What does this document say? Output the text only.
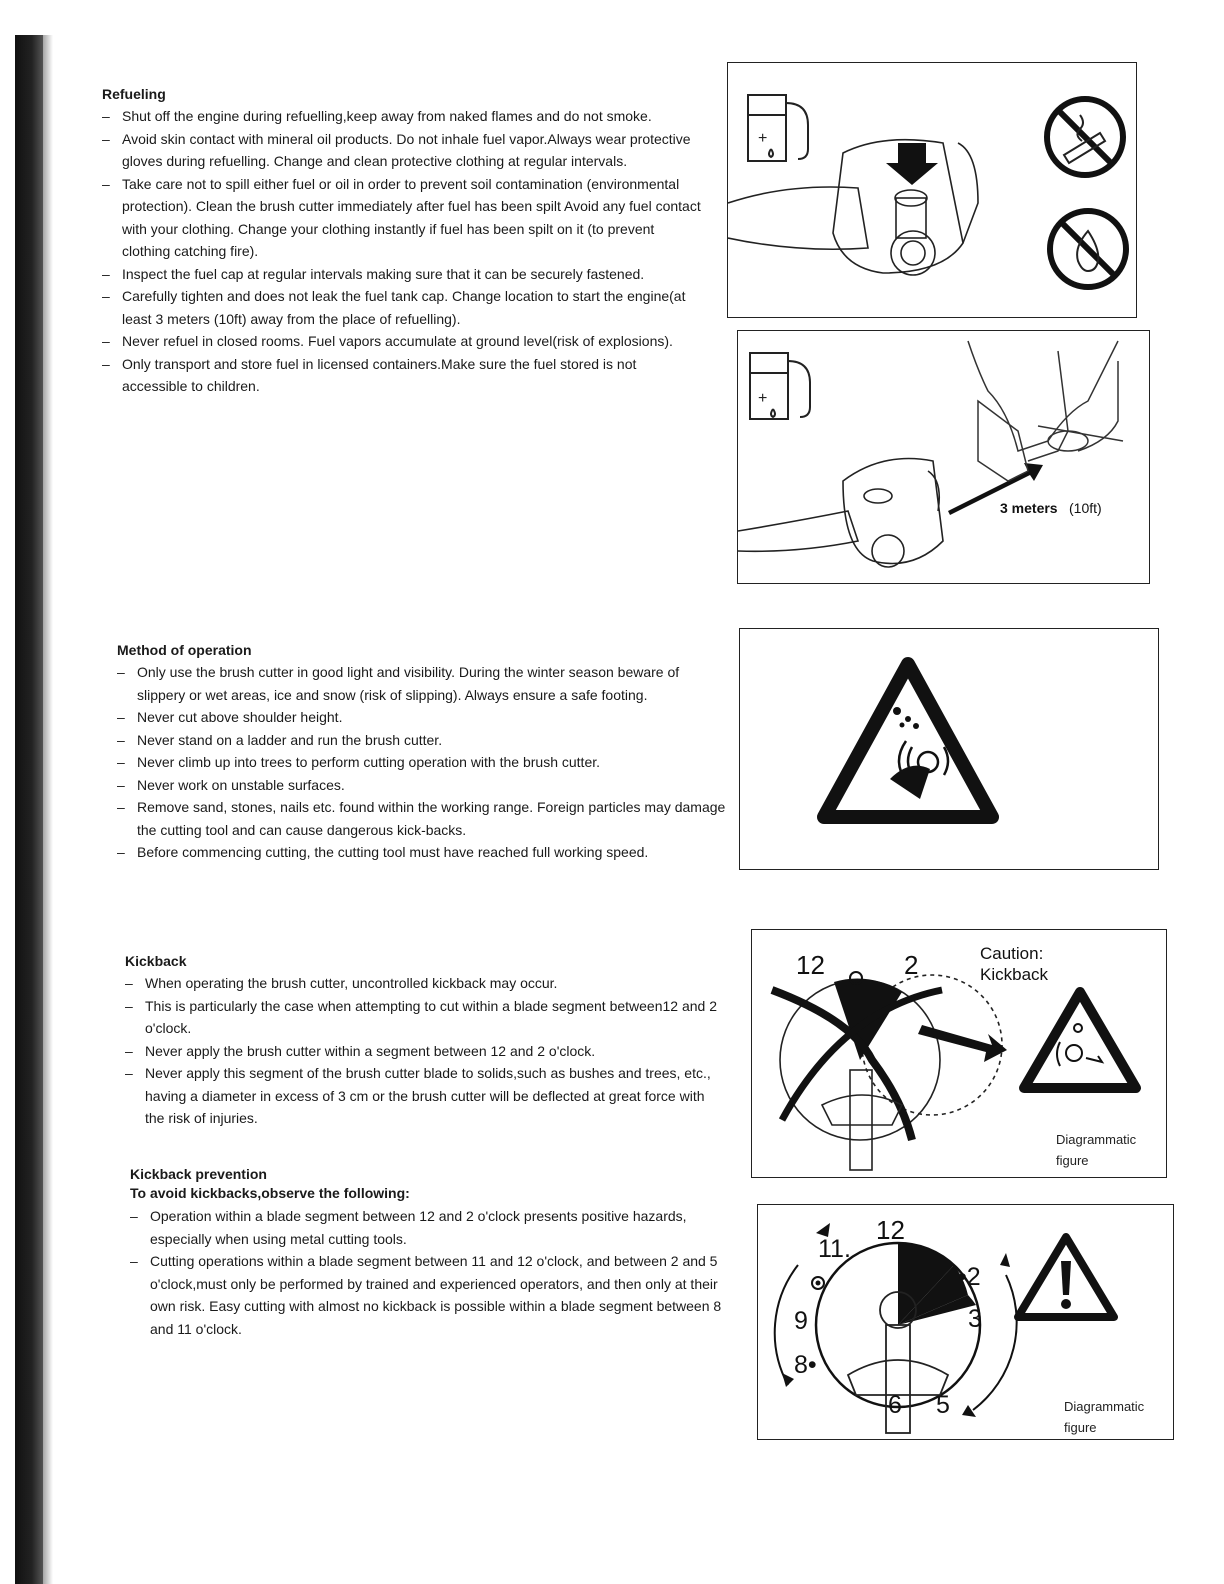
Refueling
– Shut off the engine during refuelling,keep away from naked flames and do not smoke.
– Avoid skin contact with mineral oil products. Do not inhale fuel vapor.Always wear protective gloves during refuelling. Change and clean protective clothing at regular intervals.
– Take care not to spill either fuel or oil in order to prevent soil contamination (environmental protection). Clean the brush cutter immediately after fuel has been spilt Avoid any fuel contact with your clothing. Change your clothing instantly if fuel has been spilt on it (to prevent clothing catching fire).
– Inspect the fuel cap at regular intervals making sure that it can be securely fastened.
– Carefully tighten and does not leak the fuel tank cap. Change location to start the engine(at least 3 meters (10ft) away from the place of refuelling).
– Never refuel in closed rooms. Fuel vapors accumulate at ground level(risk of explosions).
– Only transport and store fuel in licensed containers.Make sure the fuel stored is not accessible to children.
+
+
3 meters (10ft)
Method of operation
– Only use the brush cutter in good light and visibility. During the winter season beware of slippery or wet areas, ice and snow (risk of slipping). Always ensure a safe footing.
– Never cut above shoulder height.
– Never stand on a ladder and run the brush cutter.
– Never climb up into trees to perform cutting operation with the brush cutter.
– Never work on unstable surfaces.
– Remove sand, stones, nails etc. found within the working range. Foreign particles may damage the cutting tool and can cause dangerous kick-backs.
– Before commencing cutting, the cutting tool must have reached full working speed.
Kickback
– When operating the brush cutter, uncontrolled kickback may occur.
– This is particularly the case when attempting to cut within a blade segment between12 and 2 o'clock.
– Never apply the brush cutter within a segment between 12 and 2 o'clock.
– Never apply this segment of the brush cutter blade to solids,such as bushes and trees, etc., having a diameter in excess of 3 cm or the brush cutter will be deflected at great force with the risk of injuries.
12	2	Caution:
Kickback
Diagrammatic
figure
Kickback prevention
To avoid kickbacks,observe the following:
– Operation within a blade segment between 12 and 2 o'clock presents positive hazards, especially when using metal cutting tools.
– Cutting operations within a blade segment between 11 and 12 o'clock, and between 2 and 5 o'clock,must only be performed by trained and experienced operators, and then only at their own risk. Easy cutting with almost no kickback is possible within a blade segment between 8 and 11 o'clock.
12
11.
•2
3
9
8•
6 5	Diagrammatic
figure
